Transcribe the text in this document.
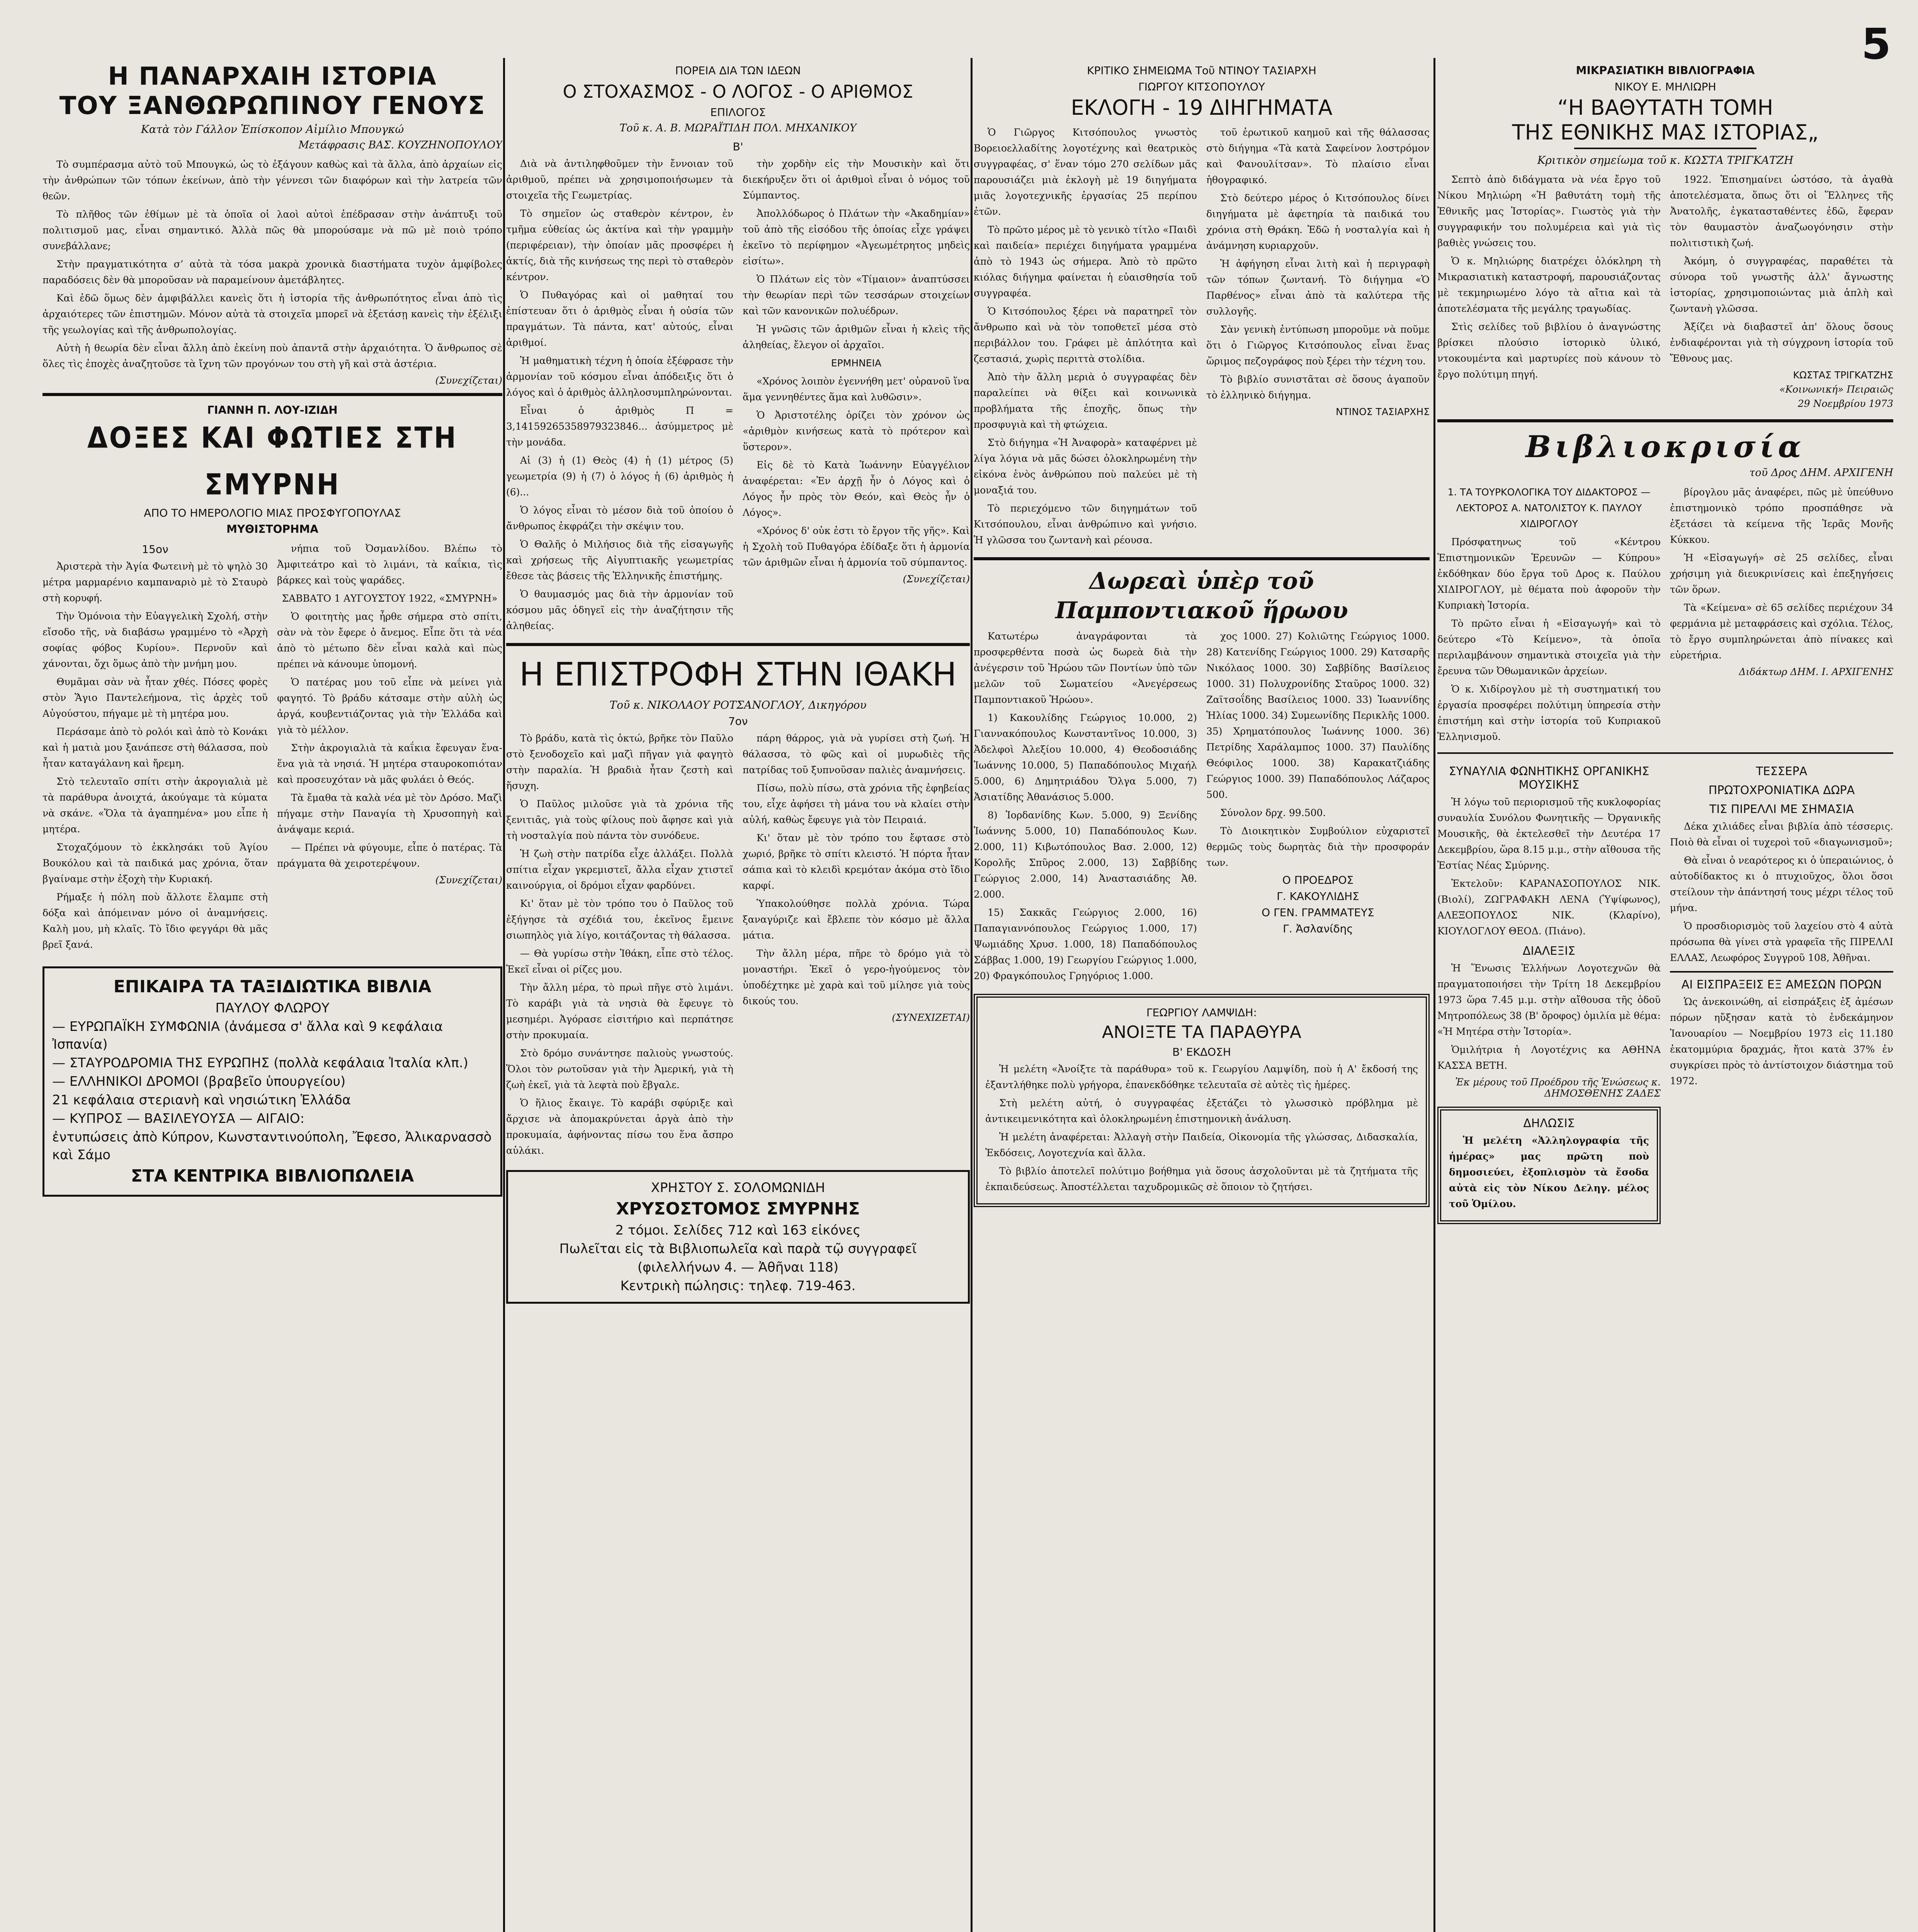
5
Η ΠΑΝΑΡΧΑΙΗ ΙΣΤΟΡΙΑ
ΤΟΥ ΞΑΝΘΩΡΩΠΙΝΟΥ ΓΕΝΟΥΣ
Κατὰ τὸν Γάλλον Ἐπίσκοπον Αἰμίλιο Μπουγκώ
Μετάφρασις ΒΑΣ. ΚΟΥΖΗΝΟΠΟΥΛΟΥ

Τὸ συμπέρασμα αὐτὸ τοῦ Μπουγκώ, ὡς τὸ ἐξάγουν καθὼς καὶ τὰ ἄλλα, ἀπὸ ἀρχαίων εἰς τὴν ἀνθρώπων τῶν τόπων ἐκείνων, ἀπὸ τὴν γέννεσι τῶν διαφόρων καὶ τὴν λατρεία τῶν θεῶν.

Τὸ πλῆθος τῶν ἐθίμων μὲ τὰ ὁποῖα οἱ λαοὶ αὐτοὶ ἐπέδρασαν στὴν ἀνάπτυξι τοῦ πολιτισμοῦ μας, εἶναι σημαντικό. Ἀλλὰ πῶς θὰ μπορούσαμε νὰ πῶ μὲ ποιὸ τρόπο συνεβάλλανε;

Στὴν πραγματικότητα σ’ αὐτὰ τὰ τόσα μακρὰ χρονικὰ διαστήματα τυχὸν ἀμφίβολες παραδόσεις δὲν θὰ μποροῦσαν νὰ παραμείνουν ἀμετάβλητες.

Καὶ ἐδῶ ὅμως δὲν ἀμφιβάλλει κανεὶς ὅτι ἡ ἱστορία τῆς ἀνθρωπότητος εἶναι ἀπὸ τὶς ἀρχαιότερες τῶν ἐπιστημῶν. Μόνον αὐτὰ τὰ στοιχεῖα μπορεῖ νὰ ἐξετάσῃ κανεὶς τὴν ἐξέλιξι τῆς γεωλογίας καὶ τῆς ἀνθρωπολογίας.

Αὐτὴ ἡ θεωρία δὲν εἶναι ἄλλη ἀπὸ ἐκείνη ποὺ ἀπαντᾶ στὴν ἀρχαιότητα. Ὁ ἄνθρωπος σὲ ὅλες τὶς ἐποχὲς ἀναζητοῦσε τὰ ἴχνη τῶν προγόνων του στὴ γῆ καὶ στὰ ἀστέρια.

(Συνεχίζεται)
ΓΙΑΝΝΗ Π. ΛΟΥ-ΙΖΙΔΗ
ΔΟΞΕΣ ΚΑΙ ΦΩΤΙΕΣ ΣΤΗ ΣΜΥΡΝΗ
ΑΠΟ ΤΟ ΗΜΕΡΟΛΟΓΙΟ ΜΙΑΣ ΠΡΟΣΦΥΓΟΠΟΥΛΑΣ
ΜΥΘΙΣΤΟΡΗΜΑ
15ον

Ἀριστερὰ τὴν Ἁγία Φωτεινὴ μὲ τὸ ψηλὸ 30 μέτρα μαρμαρένιο καμπαναριὸ μὲ τὸ Σταυρὸ στὴ κορυφή.

Τὴν Ὁμόνοια τὴν Εὐαγγελικὴ Σχολή, στὴν εἴσοδο τῆς, νὰ διαβάσω γραμμένο τὸ «Ἀρχὴ σοφίας φόβος Κυρίου». Περνοῦν καὶ χάνονται, ὄχι ὅμως ἀπὸ τὴν μνήμη μου.

Θυμᾶμαι σὰν νὰ ἦταν χθές. Πόσες φορὲς στὸν Ἅγιο Παντελεήμονα, τὶς ἀρχὲς τοῦ Αὐγούστου, πήγαμε μὲ τὴ μητέρα μου.

Περάσαμε ἀπὸ τὸ ρολόι καὶ ἀπὸ τὸ Κονάκι καὶ ἡ ματιὰ μου ξανάπεσε στὴ θάλασσα, ποὺ ἦταν καταγάλανη καὶ ἤρεμη.

Στὸ τελευταῖο σπίτι στὴν ἀκρογιαλιὰ μὲ τὰ παράθυρα ἀνοιχτά, ἀκούγαμε τὰ κύματα νὰ σκάνε. «Ὅλα τὰ ἀγαπημένα» μου εἶπε ἡ μητέρα.

Στοχαζόμουν τὸ ἐκκλησάκι τοῦ Ἁγίου Βουκόλου καὶ τὰ παιδικά μας χρόνια, ὅταν βγαίναμε στὴν ἐξοχὴ τὴν Κυριακή.

Ρήμαξε ἡ πόλη ποὺ ἄλλοτε ἔλαμπε στὴ δόξα καὶ ἀπόμειναν μόνο οἱ ἀναμνήσεις. Καλὴ μου, μὴ κλαῖς. Τὸ ἴδιο φεγγάρι θὰ μᾶς βρεῖ ξανά.

νήπια τοῦ Ὀσμανλίδου. Βλέπω τὸ Ἀμφιτεάτρο καὶ τὸ λιμάνι, τὰ καΐκια, τὶς βάρκες καὶ τοὺς ψαράδες.

ΣΑΒΒΑΤΟ 1 ΑΥΓΟΥΣΤΟΥ 1922, «ΣΜΥΡΝΗ»

Ὁ φοιτητὴς μας ἦρθε σήμερα στὸ σπίτι, σὰν νὰ τὸν ἔφερε ὁ ἄνεμος. Εἶπε ὅτι τὰ νέα ἀπὸ τὸ μέτωπο δὲν εἶναι καλὰ καὶ πὼς πρέπει νὰ κάνουμε ὑπομονή.

Ὁ πατέρας μου τοῦ εἶπε νὰ μείνει γιὰ φαγητό. Τὸ βράδυ κάτσαμε στὴν αὐλὴ ὡς ἀργά, κουβεντιάζοντας γιὰ τὴν Ἑλλάδα καὶ γιὰ τὸ μέλλον.

Στὴν ἀκρογιαλιὰ τὰ καΐκια ἔφευγαν ἕνα-ἕνα γιὰ τὰ νησιά. Ἡ μητέρα σταυροκοπιόταν καὶ προσευχόταν νὰ μᾶς φυλάει ὁ Θεός.

Τὰ ἔμαθα τὰ καλὰ νέα μὲ τὸν Δρόσο. Μαζὶ πήγαμε στὴν Παναγία τὴ Χρυσοπηγὴ καὶ ἀνάψαμε κεριά.

— Πρέπει νὰ φύγουμε, εἶπε ὁ πατέρας. Τὰ πράγματα θὰ χειροτερέψουν.

(Συνεχίζεται)
ΕΠΙΚΑΙΡΑ ΤΑ ΤΑΞΙΔΙΩΤΙΚΑ ΒΙΒΛΙΑ
ΠΑΥΛΟΥ ΦΛΩΡΟΥ
— ΕΥΡΩΠΑΪΚΗ ΣΥΜΦΩΝΙΑ (ἀνάμεσα σ' ἄλλα καὶ 9 κεφάλαια Ἰσπανία)
— ΣΤΑΥΡΟΔΡΟΜΙΑ ΤΗΣ ΕΥΡΩΠΗΣ (πολλὰ κεφάλαια Ἰταλία κλπ.)
— ΕΛΛΗΝΙΚΟΙ ΔΡΟΜΟΙ (βραβεῖο ὑπουργείου)
21 κεφάλαια στεριανὴ καὶ νησιώτικη Ἑλλάδα
— ΚΥΠΡΟΣ — ΒΑΣΙΛΕΥΟΥΣΑ — ΑΙΓΑΙΟ:
ἐντυπώσεις ἀπὸ Κύπρον, Κωνσταντινούπολη, Ἔφεσο, Ἀλικαρνασσὸ καὶ Σάμο
ΣΤΑ ΚΕΝΤΡΙΚΑ ΒΙΒΛΙΟΠΩΛΕΙΑ
ΠΟΡΕΙΑ ΔΙΑ ΤΩΝ ΙΔΕΩΝ
Ο ΣΤΟΧΑΣΜΟΣ - Ο ΛΟΓΟΣ - Ο ΑΡΙΘΜΟΣ
ΕΠΙΛΟΓΟΣ
Τοῦ κ. Α. Β. ΜΩΡΑΪΤΙΔΗ ΠΟΛ. ΜΗΧΑΝΙΚΟΥ
Β'

Διὰ νὰ ἀντιληφθοῦμεν τὴν ἔννοιαν τοῦ ἀριθμοῦ, πρέπει νὰ χρησιμοποιήσωμεν τὰ στοιχεῖα τῆς Γεωμετρίας.

Τὸ σημεῖον ὡς σταθερὸν κέντρον, ἐν τμῆμα εὐθείας ὡς ἀκτίνα καὶ τὴν γραμμὴν (περιφέρειαν), τὴν ὁποίαν μᾶς προσφέρει ἡ ἀκτίς, διὰ τῆς κινήσεως της περὶ τὸ σταθερὸν κέντρον.

Ὁ Πυθαγόρας καὶ οἱ μαθηταί του ἐπίστευαν ὅτι ὁ ἀριθμὸς εἶναι ἡ οὐσία τῶν πραγμάτων. Τὰ πάντα, κατ' αὐτούς, εἶναι ἀριθμοί.

Ἡ μαθηματικὴ τέχνη ἡ ὁποία ἐξέφρασε τὴν ἁρμονίαν τοῦ κόσμου εἶναι ἀπόδειξις ὅτι ὁ λόγος καὶ ὁ ἀριθμὸς ἀλληλοσυμπληρώνονται.

Εἶναι ὁ ἀριθμὸς Π = 3,14159265358979323846... ἀσύμμετρος μὲ τὴν μονάδα.

Αἱ (3) ἡ (1) Θεὸς (4) ἡ (1) μέτρος (5) γεωμετρία (9) ἡ (7) ὁ λόγος ἡ (6) ἀριθμὸς ἡ (6)...

Ὁ λόγος εἶναι τὸ μέσον διὰ τοῦ ὁποίου ὁ ἄνθρωπος ἐκφράζει τὴν σκέψιν του.

Ὁ Θαλῆς ὁ Μιλήσιος διὰ τῆς εἰσαγωγῆς καὶ χρήσεως τῆς Αἰγυπτιακῆς γεωμετρίας ἔθεσε τὰς βάσεις τῆς Ἑλληνικῆς ἐπιστήμης.

Ὁ θαυμασμός μας διὰ τὴν ἀρμονίαν τοῦ κόσμου μᾶς ὁδηγεῖ εἰς τὴν ἀναζήτησιν τῆς ἀληθείας.

τὴν χορδὴν εἰς τὴν Μουσικὴν καὶ ὅτι διεκήρυξεν ὅτι οἱ ἀριθμοὶ εἶναι ὁ νόμος τοῦ Σύμπαντος.

Ἀπολλόδωρος ὁ Πλάτων τὴν «Ἀκαδημίαν» τοῦ ἀπὸ τῆς εἰσόδου τῆς ὁποίας εἶχε γράψει ἐκεῖνο τὸ περίφημον «Ἀγεωμέτρητος μηδεὶς εἰσίτω».

Ὁ Πλάτων εἰς τὸν «Τίμαιον» ἀναπτύσσει τὴν θεωρίαν περὶ τῶν τεσσάρων στοιχείων καὶ τῶν κανονικῶν πολυέδρων.

Ἡ γνῶσις τῶν ἀριθμῶν εἶναι ἡ κλεὶς τῆς ἀληθείας, ἔλεγον οἱ ἀρχαῖοι.

ΕΡΜΗΝΕΙΑ

«Χρόνος λοιπὸν ἐγεννήθη μετ' οὐρανοῦ ἵνα ἅμα γεννηθέντες ἅμα καὶ λυθῶσιν».

Ὁ Ἀριστοτέλης ὁρίζει τὸν χρόνον ὡς «ἀριθμὸν κινήσεως κατὰ τὸ πρότερον καὶ ὕστερον».

Εἰς δὲ τὸ Κατὰ Ἰωάννην Εὐαγγέλιον ἀναφέρεται: «Ἐν ἀρχῇ ἦν ὁ Λόγος καὶ ὁ Λόγος ἦν πρὸς τὸν Θεόν, καὶ Θεὸς ἦν ὁ Λόγος».

«Χρόνος δ' οὐκ ἐστι τὸ ἔργον τῆς γῆς». Καὶ ἡ Σχολὴ τοῦ Πυθαγόρα ἐδίδαξε ὅτι ἡ ἁρμονία τῶν ἀριθμῶν εἶναι ἡ ἁρμονία τοῦ σύμπαντος.

(Συνεχίζεται)
Η ΕΠΙΣΤΡΟΦΗ ΣΤΗΝ ΙΘΑΚΗ
Τοῦ κ. ΝΙΚΟΛΑΟΥ ΡΟΤΣΑΝΟΓΛΟΥ, Δικηγόρου
7ον

Τὸ βράδυ, κατὰ τὶς ὀκτώ, βρῆκε τὸν Παῦλο στὸ ξενοδοχεῖο καὶ μαζὶ πῆγαν γιὰ φαγητὸ στὴν παραλία. Ἡ βραδιὰ ἦταν ζεστὴ καὶ ἥσυχη.

Ὁ Παῦλος μιλοῦσε γιὰ τὰ χρόνια τῆς ξενιτιᾶς, γιὰ τοὺς φίλους ποὺ ἄφησε καὶ γιὰ τὴ νοσταλγία ποὺ πάντα τὸν συνόδευε.

Ἡ ζωὴ στὴν πατρίδα εἶχε ἀλλάξει. Πολλὰ σπίτια εἶχαν γκρεμιστεῖ, ἄλλα εἶχαν χτιστεῖ καινούργια, οἱ δρόμοι εἶχαν φαρδύνει.

Κι' ὅταν μὲ τὸν τρόπο του ὁ Παῦλος τοῦ ἐξήγησε τὰ σχέδιά του, ἐκεῖνος ἔμεινε σιωπηλὸς γιὰ λίγο, κοιτάζοντας τὴ θάλασσα.

— Θὰ γυρίσω στὴν Ἰθάκη, εἶπε στὸ τέλος. Ἐκεῖ εἶναι οἱ ρίζες μου.

Τὴν ἄλλη μέρα, τὸ πρωὶ πῆγε στὸ λιμάνι. Τὸ καράβι γιὰ τὰ νησιὰ θὰ ἔφευγε τὸ μεσημέρι. Ἀγόρασε εἰσιτήριο καὶ περπάτησε στὴν προκυμαία.

Στὸ δρόμο συνάντησε παλιοὺς γνωστούς. Ὅλοι τὸν ρωτοῦσαν γιὰ τὴν Ἀμερική, γιὰ τὴ ζωὴ ἐκεῖ, γιὰ τὰ λεφτὰ ποὺ ἔβγαλε.

Ὁ ἥλιος ἔκαιγε. Τὸ καράβι σφύριξε καὶ ἄρχισε νὰ ἀπομακρύνεται ἀργὰ ἀπὸ τὴν προκυμαία, ἀφήνοντας πίσω του ἕνα ἄσπρο αὐλάκι.

πάρη θάρρος, γιὰ νὰ γυρίσει στὴ ζωή. Ἡ θάλασσα, τὸ φῶς καὶ οἱ μυρωδιὲς τῆς πατρίδας τοῦ ξυπνοῦσαν παλιὲς ἀναμνήσεις.

Πίσω, πολὺ πίσω, στὰ χρόνια τῆς ἐφηβείας του, εἶχε ἀφήσει τὴ μάνα του νὰ κλαίει στὴν αὐλή, καθὼς ἔφευγε γιὰ τὸν Πειραιά.

Κι' ὅταν μὲ τὸν τρόπο του ἔφτασε στὸ χωριό, βρῆκε τὸ σπίτι κλειστό. Ἡ πόρτα ἦταν σάπια καὶ τὸ κλειδὶ κρεμόταν ἀκόμα στὸ ἴδιο καρφί.

Ὑπακολούθησε πολλὰ χρόνια. Τώρα ξαναγύριζε καὶ ἔβλεπε τὸν κόσμο μὲ ἄλλα μάτια.

Τὴν ἄλλη μέρα, πῆρε τὸ δρόμο γιὰ τὸ μοναστήρι. Ἐκεῖ ὁ γερο-ἡγούμενος τὸν ὑποδέχτηκε μὲ χαρὰ καὶ τοῦ μίλησε γιὰ τοὺς δικούς του.

(ΣΥΝΕΧΙΖΕΤΑΙ)
ΧΡΗΣΤΟΥ Σ. ΣΟΛΟΜΩΝΙΔΗ
ΧΡΥΣΟΣΤΟΜΟΣ ΣΜΥΡΝΗΣ
2 τόμοι. Σελίδες 712 καὶ 163 εἰκόνες
Πωλεῖται εἰς τὰ Βιβλιοπωλεῖα καὶ παρὰ τῷ συγγραφεῖ
(φιλελλήνων 4. — Ἀθῆναι 118)
Κεντρικὴ πώλησις: τηλεφ. 719-463.
ΚΡΙΤΙΚΟ ΣΗΜΕΙΩΜΑ Τοῦ ΝΤΙΝΟΥ ΤΑΣΙΑΡΧΗ
ΓΙΩΡΓΟΥ ΚΙΤΣΟΠΟΥΛΟΥ
ΕΚΛΟΓΗ - 19 ΔΙΗΓΗΜΑΤΑ

Ὁ Γιῶργος Κιτσόπουλος γνωστὸς Βορειοελλαδίτης λογοτέχνης καὶ θεατρικὸς συγγραφέας, σ' ἕναν τόμο 270 σελίδων μᾶς παρουσιάζει μιὰ ἐκλογὴ μὲ 19 διηγήματα μιᾶς λογοτεχνικῆς ἐργασίας 25 περίπου ἐτῶν.

Τὸ πρῶτο μέρος μὲ τὸ γενικὸ τίτλο «Παιδὶ καὶ παιδεία» περιέχει διηγήματα γραμμένα ἀπὸ τὸ 1943 ὡς σήμερα. Ἀπὸ τὸ πρῶτο κιόλας διήγημα φαίνεται ἡ εὐαισθησία τοῦ συγγραφέα.

Ὁ Κιτσόπουλος ξέρει νὰ παρατηρεῖ τὸν ἄνθρωπο καὶ νὰ τὸν τοποθετεῖ μέσα στὸ περιβάλλον του. Γράφει μὲ ἁπλότητα καὶ ζεστασιά, χωρὶς περιττὰ στολίδια.

Ἀπὸ τὴν ἄλλη μεριὰ ὁ συγγραφέας δὲν παραλείπει νὰ θίξει καὶ κοινωνικὰ προβλήματα τῆς ἐποχῆς, ὅπως τὴν προσφυγιὰ καὶ τὴ φτώχεια.

Στὸ διήγημα «Ἡ Ἀναφορὰ» καταφέρνει μὲ λίγα λόγια νὰ μᾶς δώσει ὁλοκληρωμένη τὴν εἰκόνα ἑνὸς ἀνθρώπου ποὺ παλεύει μὲ τὴ μοναξιά του.

Τὸ περιεχόμενο τῶν διηγημάτων τοῦ Κιτσόπουλου, εἶναι ἀνθρώπινο καὶ γνήσιο. Ἡ γλῶσσα του ζωντανὴ καὶ ρέουσα.

τοῦ ἐρωτικοῦ καημοῦ καὶ τῆς θάλασσας στὸ διήγημα «Τὰ κατὰ Σαφείνον λοστρόμον καὶ Φανουλίτσαν». Τὸ πλαίσιο εἶναι ἡθογραφικό.

Στὸ δεύτερο μέρος ὁ Κιτσόπουλος δίνει διηγήματα μὲ ἀφετηρία τὰ παιδικά του χρόνια στὴ Θράκη. Ἐδῶ ἡ νοσταλγία καὶ ἡ ἀνάμνηση κυριαρχοῦν.

Ἡ ἀφήγηση εἶναι λιτὴ καὶ ἡ περιγραφὴ τῶν τόπων ζωντανή. Τὸ διήγημα «Ὁ Παρθένος» εἶναι ἀπὸ τὰ καλύτερα τῆς συλλογῆς.

Σὰν γενικὴ ἐντύπωση μποροῦμε νὰ ποῦμε ὅτι ὁ Γιῶργος Κιτσόπουλος εἶναι ἕνας ὥριμος πεζογράφος ποὺ ξέρει τὴν τέχνη του.

Τὸ βιβλίο συνιστᾶται σὲ ὅσους ἀγαποῦν τὸ ἑλληνικὸ διήγημα.

ΝΤΙΝΟΣ ΤΑΣΙΑΡΧΗΣ
Δωρεαὶ ὑπὲρ τοῦ
Παμποντιακοῦ ἥρωου

Κατωτέρω ἀναγράφονται τὰ προσφερθέντα ποσὰ ὡς δωρεὰ διὰ τὴν ἀνέγερσιν τοῦ Ἡρώου τῶν Ποντίων ὑπὸ τῶν μελῶν τοῦ Σωματείου «Ἀνεγέρσεως Παμποντιακοῦ Ἡρώου».

1) Κακουλίδης Γεώργιος 10.000, 2) Γιαννακόπουλος Κωνσταντῖνος 10.000, 3) Ἀδελφοὶ Ἀλεξίου 10.000, 4) Θεοδοσιάδης Ἰωάννης 10.000, 5) Παπαδόπουλος Μιχαήλ 5.000, 6) Δημητριάδου Ὄλγα 5.000, 7) Ἀσιατίδης Ἀθανάσιος 5.000.

8) Ἰορδανίδης Κων. 5.000, 9) Ξενίδης Ἰωάννης 5.000, 10) Παπαδόπουλος Κων. 2.000, 11) Κιβωτόπουλος Βασ. 2.000, 12) Κορολῆς Σπῦρος 2.000, 13) Σαββίδης Γεώργιος 2.000, 14) Ἀναστασιάδης Ἀθ. 2.000.

15) Σακκᾶς Γεώργιος 2.000, 16) Παπαγιαννόπουλος Γεώργιος 1.000, 17) Ψωμιάδης Χρυσ. 1.000, 18) Παπαδόπουλος Σάββας 1.000, 19) Γεωργίου Γεώργιος 1.000, 20) Φραγκόπουλος Γρηγόριος 1.000.

χος 1000. 27) Κολιῶτης Γεώργιος 1000. 28) Κατενίδης Γεώργιος 1000. 29) Κατσαρῆς Νικόλαος 1000. 30) Σαββίδης Βασίλειος 1000. 31) Πολυχρονίδης Σταῦρος 1000. 32) Ζαϊτσοΐδης Βασίλειος 1000. 33) Ἰωαννίδης Ἠλίας 1000. 34) Συμεωνίδης Περικλῆς 1000. 35) Χρηματόπουλος Ἰωάννης 1000. 36) Πετρίδης Χαράλαμπος 1000. 37) Παυλίδης Θεόφιλος 1000. 38) Καρακατζιάδης Γεώργιος 1000. 39) Παπαδόπουλος Λάζαρος 500.

Σύνολον δρχ. 99.500.

Τὸ Διοικητικὸν Συμβούλιον εὐχαριστεῖ θερμῶς τοὺς δωρητὰς διὰ τὴν προσφοράν των.

Ο ΠΡΟΕΔΡΟΣ
Γ. ΚΑΚΟΥΛΙΔΗΣ
Ο ΓΕΝ. ΓΡΑΜΜΑΤΕΥΣ
Γ. Ἀσλανίδης
ΓΕΩΡΓΙΟΥ ΛΑΜΨΙΔΗ:
ΑΝΟΙΞΤΕ ΤΑ ΠΑΡΑΘΥΡΑ
Β' ΕΚΔΟΣΗ

Ἡ μελέτη «Ἀνοίξτε τὰ παράθυρα» τοῦ κ. Γεωργίου Λαμψίδη, ποὺ ἡ Α' ἔκδοσή της ἐξαντλήθηκε πολὺ γρήγορα, ἐπανεκδόθηκε τελευταῖα σὲ αὐτὲς τὶς ἡμέρες.

Στὴ μελέτη αὐτή, ὁ συγγραφέας ἐξετάζει τὸ γλωσσικὸ πρόβλημα μὲ ἀντικειμενικότητα καὶ ὁλοκληρωμένη ἐπιστημονικὴ ἀνάλυση.

Ἡ μελέτη ἀναφέρεται: Ἀλλαγὴ στὴν Παιδεία, Οἰκονομία τῆς γλώσσας, Διδασκαλία, Ἐκδόσεις, Λογοτεχνία καὶ ἄλλα.

Τὸ βιβλίο ἀποτελεῖ πολύτιμο βοήθημα γιὰ ὅσους ἀσχολοῦνται μὲ τὰ ζητήματα τῆς ἐκπαιδεύσεως. Ἀποστέλλεται ταχυδρομικῶς σὲ ὅποιον τὸ ζητήσει.

ΜΙΚΡΑΣΙΑΤΙΚΗ ΒΙΒΛΙΟΓΡΑΦΙΑ
ΝΙΚΟΥ Ε. ΜΗΛΙΩΡΗ
“Η ΒΑΘΥΤΑΤΗ ΤΟΜΗ
ΤΗΣ ΕΘΝΙΚΗΣ ΜΑΣ ΙΣΤΟΡΙΑΣ„
Κριτικὸν σημείωμα τοῦ κ. ΚΩΣΤΑ ΤΡΙΓΚΑΤΖΗ

Σεπτὸ ἀπὸ διδάγματα νὰ νέα ἔργο τοῦ Νίκου Μηλιώρη «Ἡ βαθυτάτη τομὴ τῆς Ἐθνικῆς μας Ἱστορίας». Γιωστὸς γιὰ τὴν συγγραφικήν του πολυμέρεια καὶ γιὰ τὶς βαθιὲς γνώσεις του.

Ὁ κ. Μηλιώρης διατρέχει ὁλόκληρη τὴ Μικρασιατικὴ καταστροφή, παρουσιάζοντας μὲ τεκμηριωμένο λόγο τὰ αἴτια καὶ τὰ ἀποτελέσματα τῆς μεγάλης τραγωδίας.

Στὶς σελίδες τοῦ βιβλίου ὁ ἀναγνώστης βρίσκει πλούσιο ἱστορικὸ ὑλικό, ντοκουμέντα καὶ μαρτυρίες ποὺ κάνουν τὸ ἔργο πολύτιμη πηγή.

1922. Ἐπισημαίνει ὡστόσο, τὰ ἀγαθὰ ἀποτελέσματα, ὅπως ὅτι οἱ Ἕλληνες τῆς Ἀνατολῆς, ἐγκατασταθέντες ἐδῶ, ἔφεραν τὸν θαυμαστὸν ἀναζωογόνησιν στὴν πολιτιστικὴ ζωή.

Ἀκόμη, ὁ συγγραφέας, παραθέτει τὰ σύνορα τοῦ γνωστῆς ἀλλ' ἄγνωστης ἱστορίας, χρησιμοποιώντας μιὰ ἁπλὴ καὶ ζωντανὴ γλῶσσα.

Ἀξίζει νὰ διαβαστεῖ ἀπ' ὅλους ὅσους ἐνδιαφέρονται γιὰ τὴ σύγχρονη ἱστορία τοῦ Ἔθνους μας.

ΚΩΣΤΑΣ ΤΡΙΓΚΑΤΖΗΣ
«Κοινωνική» Πειραιῶς
29 Νοεμβρίου 1973
Βιβλιοκρισία
τοῦ Δρος ΔΗΜ. ΑΡΧΙΓΕΝΗ

1. ΤΑ ΤΟΥΡΚΟΛΟΓΙΚΑ ΤΟΥ ΔΙΔΑΚΤΟΡΟΣ — ΛΕΚΤΟΡΟΣ Α. ΝΑΤΟΛΙΣΤΟΥ Κ. ΠΑΥΛΟΥ ΧΙΔΙΡΟΓΛΟΥ

Πρόσφατηνως τοῦ «Κέντρου Ἐπιστημονικῶν Ἐρευνῶν — Κύπρου» ἐκδόθηκαν δύο ἔργα τοῦ Δρος κ. Παύλου ΧΙΔΙΡΟΓΛΟΥ, μὲ θέματα ποὺ ἀφοροῦν τὴν Κυπριακὴ Ἱστορία.

Τὸ πρῶτο εἶναι ἡ «Εἰσαγωγή» καὶ τὸ δεύτερο «Τὸ Κείμενο», τὰ ὁποῖα περιλαμβάνουν σημαντικὰ στοιχεῖα γιὰ τὴν ἔρευνα τῶν Ὀθωμανικῶν ἀρχείων.

Ὁ κ. Χιδίρογλου μὲ τὴ συστηματική του ἐργασία προσφέρει πολύτιμη ὑπηρεσία στὴν ἐπιστήμη καὶ στὴν ἱστορία τοῦ Κυπριακοῦ Ἑλληνισμοῦ.

βίρογλου μᾶς ἀναφέρει, πῶς μὲ ὑπεύθυνο ἐπιστημονικὸ τρόπο προσπάθησε νὰ ἐξετάσει τὰ κείμενα τῆς Ἰερᾶς Μονῆς Κύκκου.

Ἡ «Εἰσαγωγή» σὲ 25 σελίδες, εἶναι χρήσιμη γιὰ διευκρινίσεις καὶ ἐπεξηγήσεις τῶν ὅρων.

Τὰ «Κείμενα» σὲ 65 σελίδες περιέχουν 34 φερμάνια μὲ μεταφράσεις καὶ σχόλια. Τέλος, τὸ ἔργο συμπληρώνεται ἀπὸ πίνακες καὶ εὑρετήρια.

Διδάκτωρ ΔΗΜ. Ι. ΑΡΧΙΓΕΝΗΣ
ΣΥΝΑΥΛΙΑ ΦΩΝΗΤΙΚΗΣ ΟΡΓΑΝΙΚΗΣ ΜΟΥΣΙΚΗΣ

Ἡ λόγω τοῦ περιορισμοῦ τῆς κυκλοφορίας συναυλία Συνόλου Φωνητικῆς — Ὀργανικῆς Μουσικῆς, θὰ ἐκτελεσθεῖ τὴν Δευτέρα 17 Δεκεμβρίου, ὥρα 8.15 μ.μ., στὴν αἴθουσα τῆς Ἑστίας Νέας Σμύρνης.

Ἐκτελοῦν: ΚΑΡΑΝΑΣΟΠΟΥΛΟΣ ΝΙΚ. (Βιολί), ΖΩΓΡΑΦΑΚΗ ΛΕΝΑ (Ὑψίφωνος), ΑΛΕΞΟΠΟΥΛΟΣ ΝΙΚ. (Κλαρίνο), ΚΙΟΥΛΟΓΛΟΥ ΘΕΟΔ. (Πιάνο).

ΔΙΑΛΕΞΙΣ

Ἡ Ἕνωσις Ἑλλήνων Λογοτεχνῶν θὰ πραγματοποιήσει τὴν Τρίτη 18 Δεκεμβρίου 1973 ὥρα 7.45 μ.μ. στὴν αἴθουσα τῆς ὁδοῦ Μητροπόλεως 38 (Β' ὄροφος) ὁμιλία μὲ θέμα: «Ἡ Μητέρα στὴν Ἱστορία».

Ὁμιλήτρια ἡ Λογοτέχνις κα ΑΘΗΝΑ ΚΑΣΣΑ ΒΕΤΗ.

Ἐκ μέρους τοῦ Προέδρου τῆς Ἑνώσεως κ. ΔΗΜΟΣΘΕΝΗΣ ΖΑΔΕΣ
ΔΗΛΩΣΙΣ

Ἡ μελέτη «Ἀλληλογραφία τῆς ἡμέρας» μας πρῶτη ποὺ δημοσιεύει, ἐξοπλισμὸν τὰ ἔσοδα αὐτὰ εἰς τὸν Νίκου Δεληγ. μέλος τοῦ Ὁμίλου.

ΤΕΣΣΕΡΑ
ΠΡΩΤΟΧΡΟΝΙΑΤΙΚΑ ΔΩΡΑ
ΤΙΣ ΠΙΡΕΛΛΙ ΜΕ ΣΗΜΑΣΙΑ

Δέκα χιλιάδες εἶναι βιβλία ἀπὸ τέσσερις. Ποιὸ θὰ εἶναι οἱ τυχεροὶ τοῦ «διαγωνισμοῦ»;

Θὰ εἶναι ὁ νεαρότερος κι ὁ ὑπεραιώνιος, ὁ αὐτοδίδακτος κι ὁ πτυχιοῦχος, ὅλοι ὅσοι στείλουν τὴν ἀπάντησή τους μέχρι τέλος τοῦ μήνα.

Ὁ προσδιορισμὸς τοῦ λαχείου στὸ 4 αὐτὰ πρόσωπα θὰ γίνει στὰ γραφεῖα τῆς ΠΙΡΕΛΛΙ ΕΛΛΑΣ, Λεωφόρος Συγγροῦ 108, Ἀθῆναι.

ΑΙ ΕΙΣΠΡΑΞΕΙΣ ΕΞ ΑΜΕΣΩΝ ΠΟΡΩΝ

Ὡς ἀνεκοινώθη, αἱ εἰσπράξεις ἐξ ἀμέσων πόρων ηὔξησαν κατὰ τὸ ἐνδεκάμηνον Ἰανουαρίου — Νοεμβρίου 1973 εἰς 11.180 ἑκατομμύρια δραχμάς, ἤτοι κατὰ 37% ἐν συγκρίσει πρὸς τὸ ἀντίστοιχον διάστημα τοῦ 1972.
